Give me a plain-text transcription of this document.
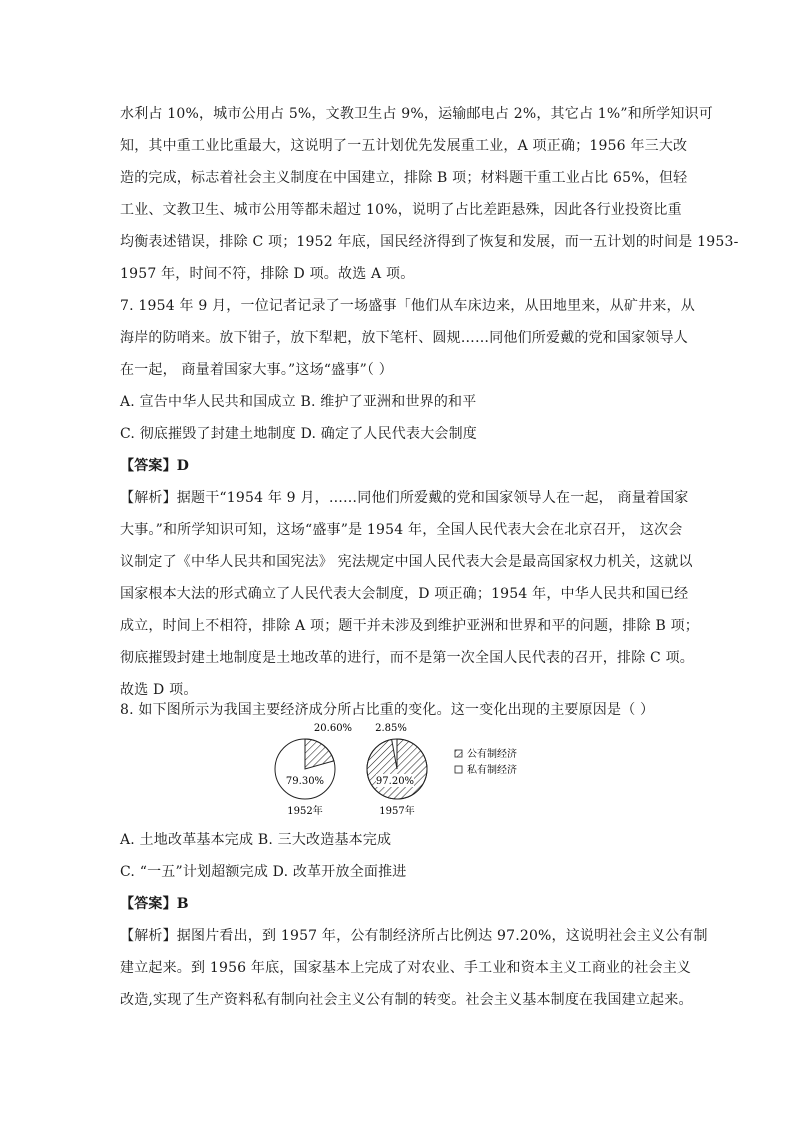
水利占 10%，城市公用占 5%，文教卫生占 9%，运输邮电占 2%，其它占 1%”和所学知识可
知，其中重工业比重最大，这说明了一五计划优先发展重工业，A 项正确；1956 年三大改
造的完成，标志着社会主义制度在中国建立，排除 B 项；材料题干重工业占比 65%，但轻
工业、文教卫生、城市公用等都未超过 10%，说明了占比差距悬殊，因此各行业投资比重
均衡表述错误，排除 C 项；1952 年底，国民经济得到了恢复和发展，而一五计划的时间是 1953-
1957 年，时间不符，排除 D 项。故选 A 项。
7. 1954 年 9 月，一位记者记录了一场盛事「他们从车床边来，从田地里来，从矿井来，从
海岸的防哨来。放下钳子，放下犁耙，放下笔杆、圆规……同他们所爱戴的党和国家领导人
在一起， 商量着国家大事。”这场“盛事”（ ）
A. 宣告中华人民共和国成立 B. 维护了亚洲和世界的和平
C. 彻底摧毁了封建土地制度 D. 确定了人民代表大会制度
【答案】D
【解析】据题干“1954 年 9 月，……同他们所爱戴的党和国家领导人在一起， 商量着国家
大事。”和所学知识可知，这场“盛事”是 1954 年，全国人民代表大会在北京召开， 这次会
议制定了《中华人民共和国宪法》 宪法规定中国人民代表大会是最高国家权力机关，这就以
国家根本大法的形式确立了人民代表大会制度，D 项正确；1954 年，中华人民共和国已经
成立，时间上不相符，排除 A 项；题干并未涉及到维护亚洲和世界和平的问题，排除 B 项；
彻底摧毁封建土地制度是土地改革的进行，而不是第一次全国人民代表的召开，排除 C 项。
故选 D 项。
8. 如下图所示为我国主要经济成分所占比重的变化。这一变化出现的主要原因是（ ）
20.60%
79.30%
1952年
2.85%
97.20%
1957年
公有制经济
私有制经济
A. 土地改革基本完成 B. 三大改造基本完成
C. “一五”计划超额完成 D. 改革开放全面推进
【答案】B
【解析】据图片看出，到 1957 年，公有制经济所占比例达 97.20%，这说明社会主义公有制
建立起来。到 1956 年底，国家基本上完成了对农业、手工业和资本主义工商业的社会主义
改造,实现了生产资料私有制向社会主义公有制的转变。社会主义基本制度在我国建立起来。
